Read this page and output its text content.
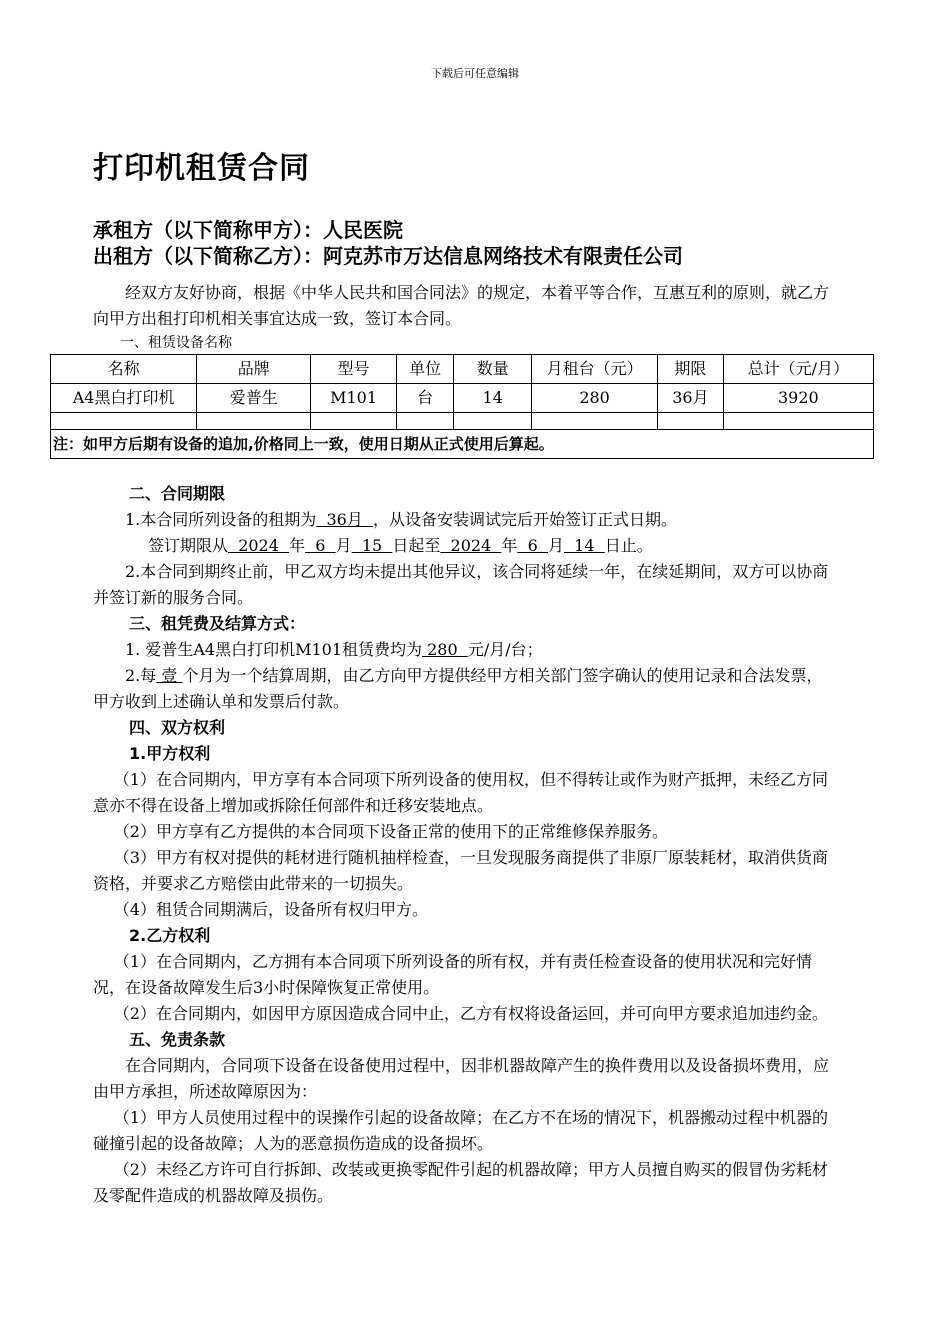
下载后可任意编辑
打印机租赁合同
承租方（以下简称甲方）：人民医院
出租方（以下简称乙方）：阿克苏市万达信息网络技术有限责任公司

经双方友好协商，根据《中华人民共和国合同法》的规定，本着平等合作，互惠互利的原则，就乙方向甲方出租打印机相关事宜达成一致，签订本合同。

一、租赁设备名称
名称	品牌	型号	单位	数量	月租台（元）	期限	总计（元/月）
A4黑白打印机	爱普生	M101	台	14	280	36月	3920

注：如甲方后期有设备的追加,价格同上一致，使用日期从正式使用后算起。							

二、合同期限

1.本合同所列设备的租期为  36月  ，从设备安装调试完后开始签订正式日期。

签订期限从  2024  年  6  月  15  日起至  2024  年  6  月  14  日止。

2.本合同到期终止前，甲乙双方均未提出其他异议，该合同将延续一年，在续延期间，双方可以协商并签订新的服务合同。

三、租凭费及结算方式：

1. 爱普生A4黑白打印机M101租赁费均为 280  元/月/台；

2.每 壹 个月为一个结算周期，由乙方向甲方提供经甲方相关部门签字确认的使用记录和合法发票，甲方收到上述确认单和发票后付款。

四、双方权利

1.甲方权利

（1）在合同期内，甲方享有本合同项下所列设备的使用权，但不得转让或作为财产抵押，未经乙方同意亦不得在设备上增加或拆除任何部件和迁移安装地点。

（2）甲方享有乙方提供的本合同项下设备正常的使用下的正常维修保养服务。

（3）甲方有权对提供的耗材进行随机抽样检查，一旦发现服务商提供了非原厂原装耗材，取消供货商资格，并要求乙方赔偿由此带来的一切损失。

（4）租赁合同期满后，设备所有权归甲方。

2.乙方权利

（1）在合同期内，乙方拥有本合同项下所列设备的所有权，并有责任检查设备的使用状况和完好情况，在设备故障发生后3小时保障恢复正常使用。

（2）在合同期内，如因甲方原因造成合同中止，乙方有权将设备运回，并可向甲方要求追加违约金。

五、免责条款

在合同期内，合同项下设备在设备使用过程中，因非机器故障产生的换件费用以及设备损坏费用，应由甲方承担，所述故障原因为：

（1）甲方人员使用过程中的误操作引起的设备故障；在乙方不在场的情况下，机器搬动过程中机器的碰撞引起的设备故障；人为的恶意损伤造成的设备损坏。

（2）未经乙方许可自行拆卸、改装或更换零配件引起的机器故障；甲方人员擅自购买的假冒伪劣耗材及零配件造成的机器故障及损伤。
